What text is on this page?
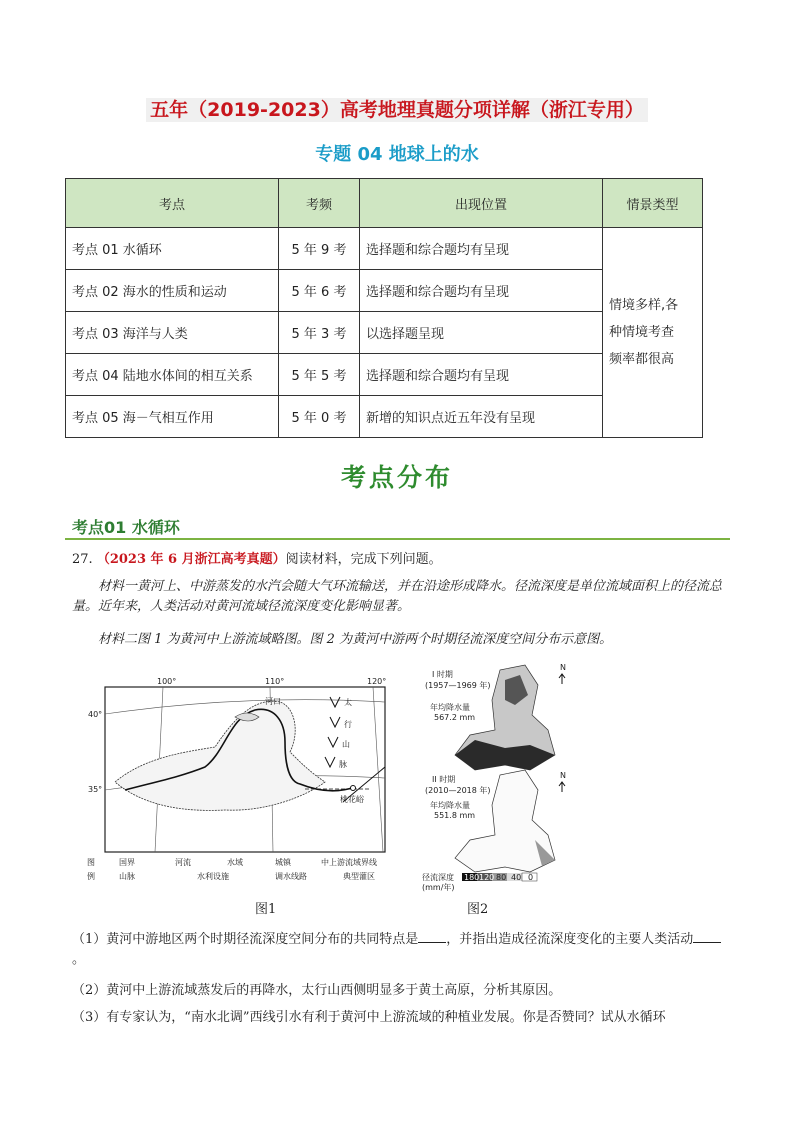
五年（2019-2023）高考地理真题分项详解（浙江专用）
专题 04 地球上的水
考点	考频	出现位置	情景类型
考点 01 水循环	5 年 9 考	选择题和综合题均有呈现	情境多样,各
种情境考查
频率都很高

考点 02 海水的性质和运动	5 年 6 考	选择题和综合题均有呈现	
考点 03 海洋与人类	5 年 3 考	以选择题呈现	
考点 04 陆地水体间的相互关系	5 年 5 考	选择题和综合题均有呈现	
考点 05 海－气相互作用	5 年 0 考	新增的知识点近五年没有呈现	
考点分布
考点01 水循环
27. （2023 年 6 月浙江高考真题）阅读材料，完成下列问题。
材料一黄河上、中游蒸发的水汽会随大气环流输送，并在沿途形成降水。径流深度是单位流域面积上的径流总量。近年来，人类活动对黄河流域径流深度变化影响显著。
材料二图 1 为黄河中上游流域略图。图 2 为黄河中游两个时期径流深度空间分布示意图。
100°	110°	120°
40°
35°
河口	太
行
山
脉
桃花峪
图
例
国界	河流	水域	城镇	中上游流域界线
山脉	水利设施	调水线路	典型灌区
I 时期
(1957—1969 年)
年均降水量
567.2 mm
N
II 时期
(2010—2018 年)
年均降水量
551.8 mm
N
径流深度
(mm/年)
180 120 80 40 0
图1	图2
（1）黄河中游地区两个时期径流深度空间分布的共同特点是 ，并指出造成径流深度变化的主要人类活动。
（2）黄河中上游流域蒸发后的再降水，太行山西侧明显多于黄土高原，分析其原因。
（3）有专家认为，“南水北调”西线引水有利于黄河中上游流域的种植业发展。你是否赞同？试从水循环
